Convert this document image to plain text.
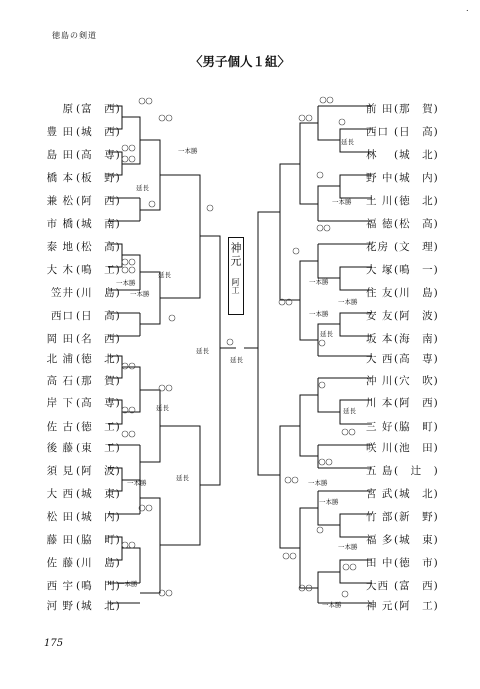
.
徳島の剣道
〈男子個人１組〉
一本勝
延長
一本勝
一本勝
延長
延長
延長
延長
一本勝
一本勝
延長
延長
一本勝
一本勝
一本勝
一本勝
延長
延長
一本勝
一本勝
一本勝
一本勝
神元
阿工
原 (富　西)
豊 田 (城　西)
島 田 (高　専)
橋 本 (板　野)
兼 松 (阿　西)
市 橋 (城　南)
泰 地 (松　高)
大 木 (鳴　工)
笠井 (川　島)
西口 (日　高)
岡 田 (名　西)
北 浦 (徳　北)
高 石 (那　賀)
岸 下 (高　専)
佐 古 (徳　工)
後 藤 (東　工)
須 見 (阿　波)
大 西 (城　東)
松 田 (城　内)
藤 田 (脇　町)
佐 藤 (川　島)
西 宇 (鳴　門)
河 野 (城　北)
前 田 (那　賀)
西口 (日　高)
林 (城　北)
野 中 (城　内)
土 川 (徳　北)
福 徳 (松　高)
花房 (文　理)
大 塚 (鳴　一)
住 友 (川　島)
安 友 (阿　波)
坂 本 (海　南)
大 西 (高　専)
沖 川 (穴　吹)
川 本 (阿　西)
三 好 (脇　町)
咲 川 (池　田)
五 島 (　辻　)
宮 武 (城　北)
竹 部 (新　野)
福 多 (城　東)
田 中 (徳　市)
大西 (富　西)
神 元 (阿　工)
175
